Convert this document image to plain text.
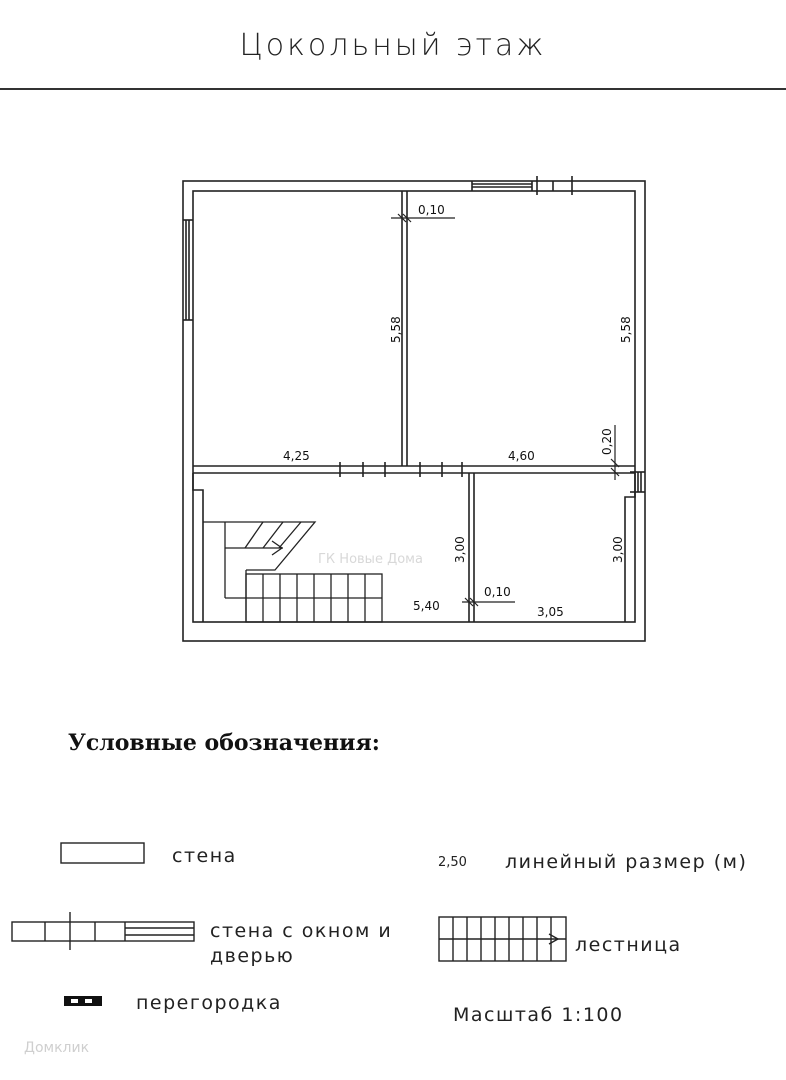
Цокольный этаж
0,10
5,58	5,58
4,25	4,60
0,20
3,00	3,00
5,40
0,10
3,05
Условные обозначения:
стена
стена с окном и
дверью
перегородка
2,50 линейный размер (м)
лестница
Масштаб 1:100
ГК Новые Дома
Домклик
